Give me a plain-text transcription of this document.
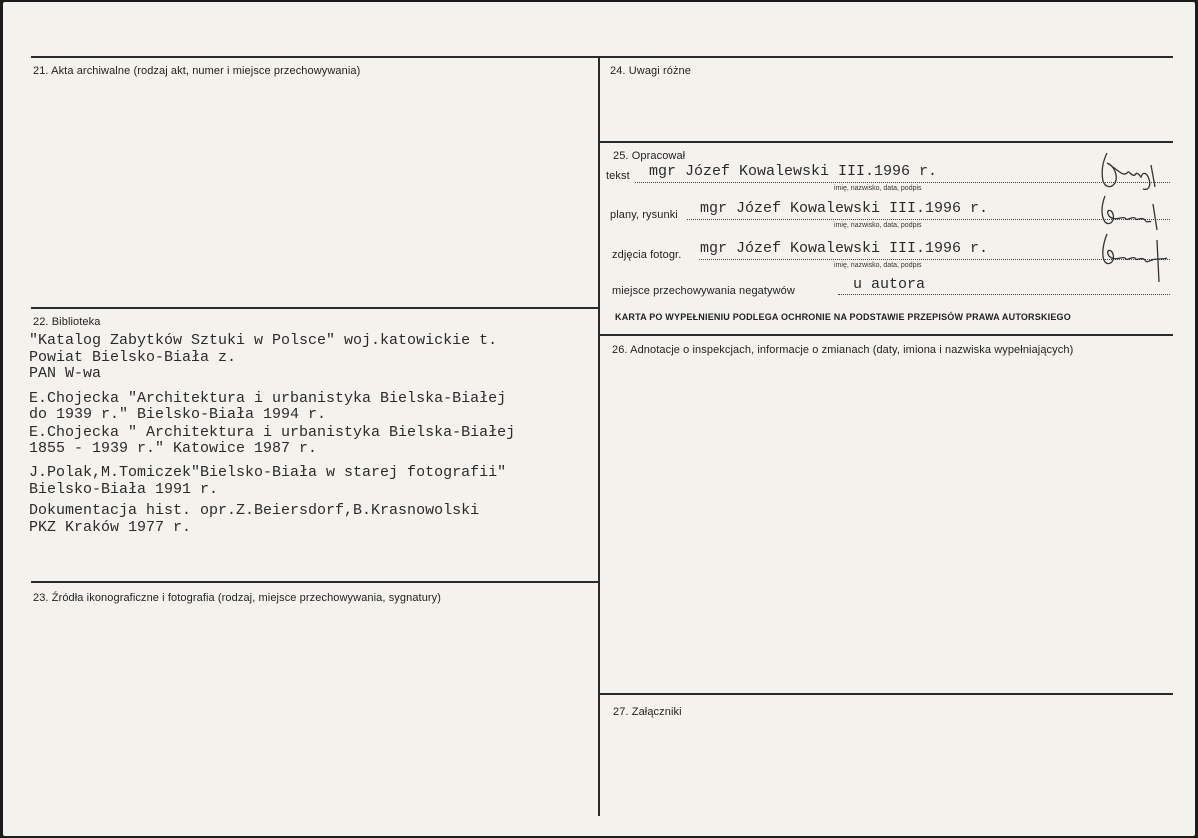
21. Akta archiwalne (rodzaj akt, numer i miejsce przechowywania)
22. Biblioteka
"Katalog Zabytków Sztuki w Polsce" woj.katowickie t.
Powiat Bielsko-Biała z.
PAN W-wa
E.Chojecka "Architektura i urbanistyka Bielska-Białej
do 1939 r." Bielsko-Biała 1994 r.
E.Chojecka " Architektura i urbanistyka Bielska-Białej
1855 - 1939 r." Katowice 1987 r.
J.Polak,M.Tomiczek"Bielsko-Biała w starej fotografii"
Bielsko-Biała 1991 r.
Dokumentacja hist. opr.Z.Beiersdorf,B.Krasnowolski
PKZ Kraków 1977 r.
23. Źródła ikonograficzne i fotografia (rodzaj, miejsce przechowywania, sygnatury)
24. Uwagi różne
25. Opracował
tekst mgr Józef Kowalewski III.1996 r.
imię, nazwisko, data, podpis
plany, rysunki mgr Józef Kowalewski III.1996 r.
imię, nazwisko, data, podpis
zdjęcia fotogr. mgr Józef Kowalewski III.1996 r.
imię, nazwisko, data, podpis
miejsce przechowywania negatywów	u autora
KARTA PO WYPEŁNIENIU PODLEGA OCHRONIE NA PODSTAWIE PRZEPISÓW PRAWA AUTORSKIEGO
26. Adnotacje o inspekcjach, informacje o zmianach (daty, imiona i nazwiska wypełniających)
27. Załączniki
